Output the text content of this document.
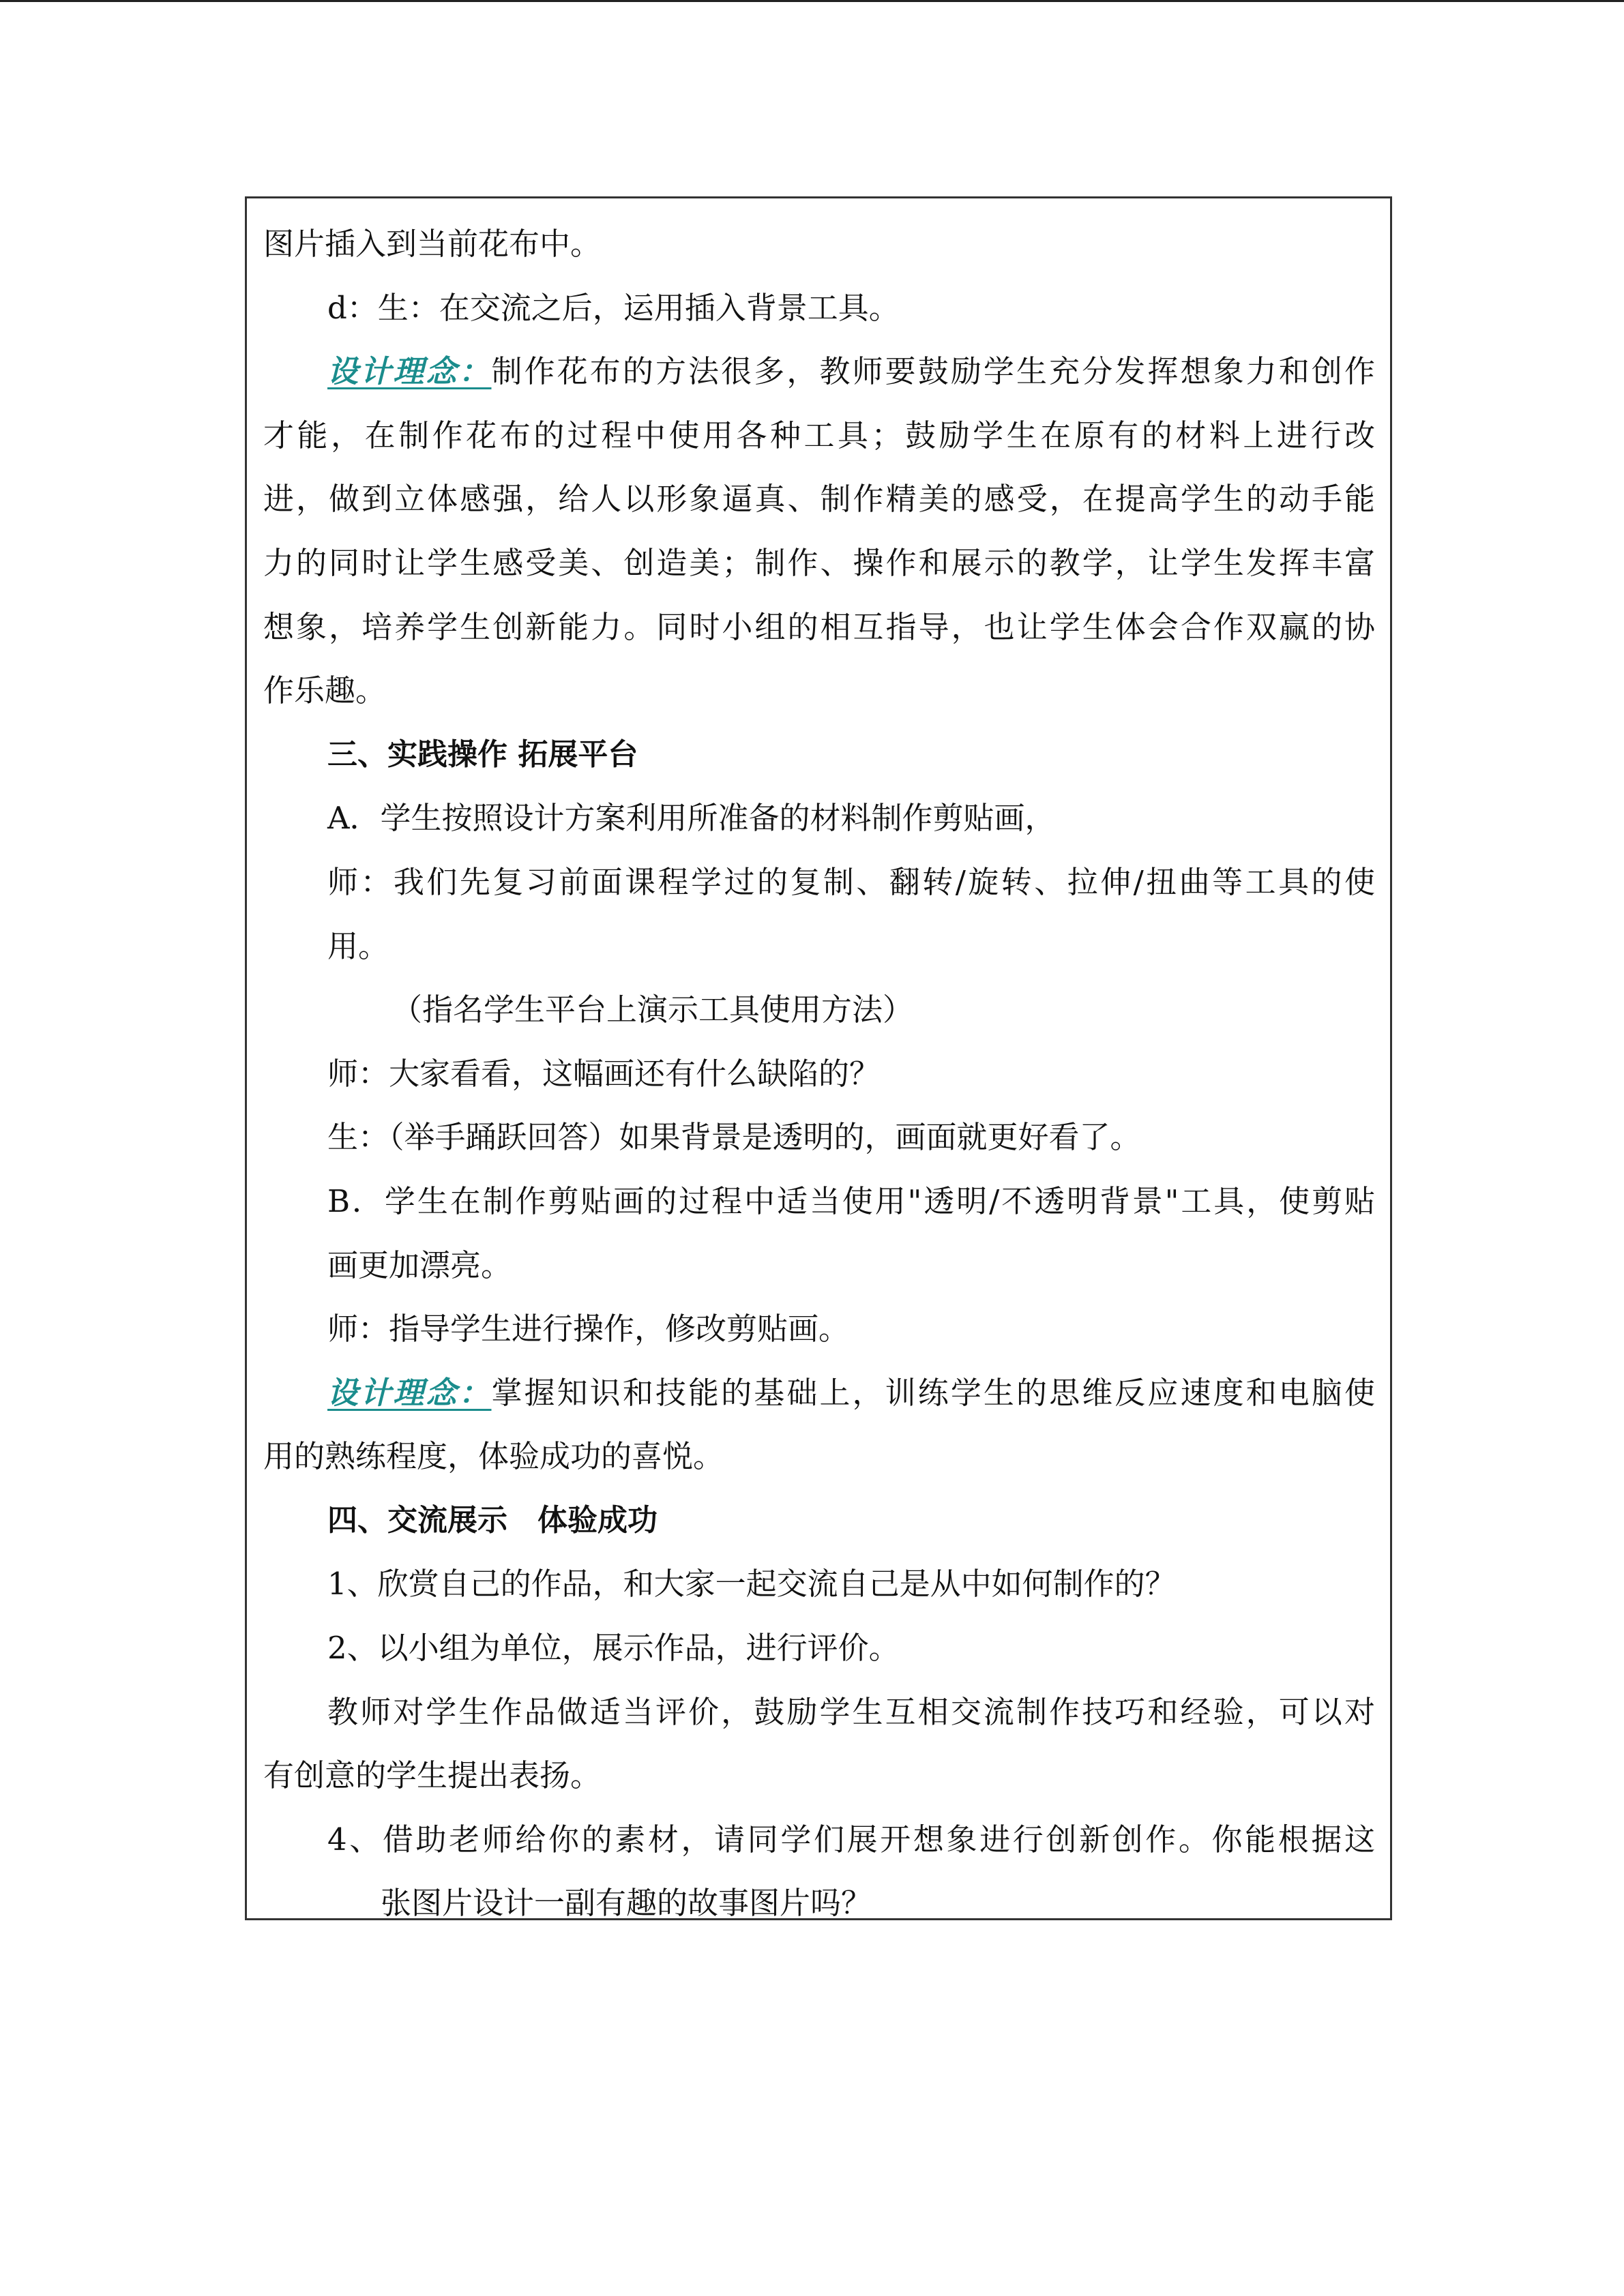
图片插入到当前花布中。
d：生：在交流之后，运用插入背景工具。
设计理念：制作花布的方法很多，教师要鼓励学生充分发挥想象力和创作
才能，在制作花布的过程中使用各种工具；鼓励学生在原有的材料上进行改
进，做到立体感强，给人以形象逼真、制作精美的感受，在提高学生的动手能
力的同时让学生感受美、创造美；制作、操作和展示的教学，让学生发挥丰富
想象，培养学生创新能力。同时小组的相互指导，也让学生体会合作双赢的协
作乐趣。
三、实践操作 拓展平台
A．学生按照设计方案利用所准备的材料制作剪贴画，
师：我们先复习前面课程学过的复制、翻转/旋转、拉伸/扭曲等工具的使
用。
（指名学生平台上演示工具使用方法）
师：大家看看，这幅画还有什么缺陷的？
生：（举手踊跃回答）如果背景是透明的，画面就更好看了。
B．学生在制作剪贴画的过程中适当使用"透明/不透明背景"工具，使剪贴
画更加漂亮。
师：指导学生进行操作，修改剪贴画。
设计理念：掌握知识和技能的基础上，训练学生的思维反应速度和电脑使
用的熟练程度，体验成功的喜悦。
四、交流展示　体验成功
1、欣赏自己的作品，和大家一起交流自己是从中如何制作的？
2、以小组为单位，展示作品，进行评价。
教师对学生作品做适当评价，鼓励学生互相交流制作技巧和经验，可以对
有创意的学生提出表扬。
4、借助老师给你的素材，请同学们展开想象进行创新创作。你能根据这
张图片设计一副有趣的故事图片吗？
